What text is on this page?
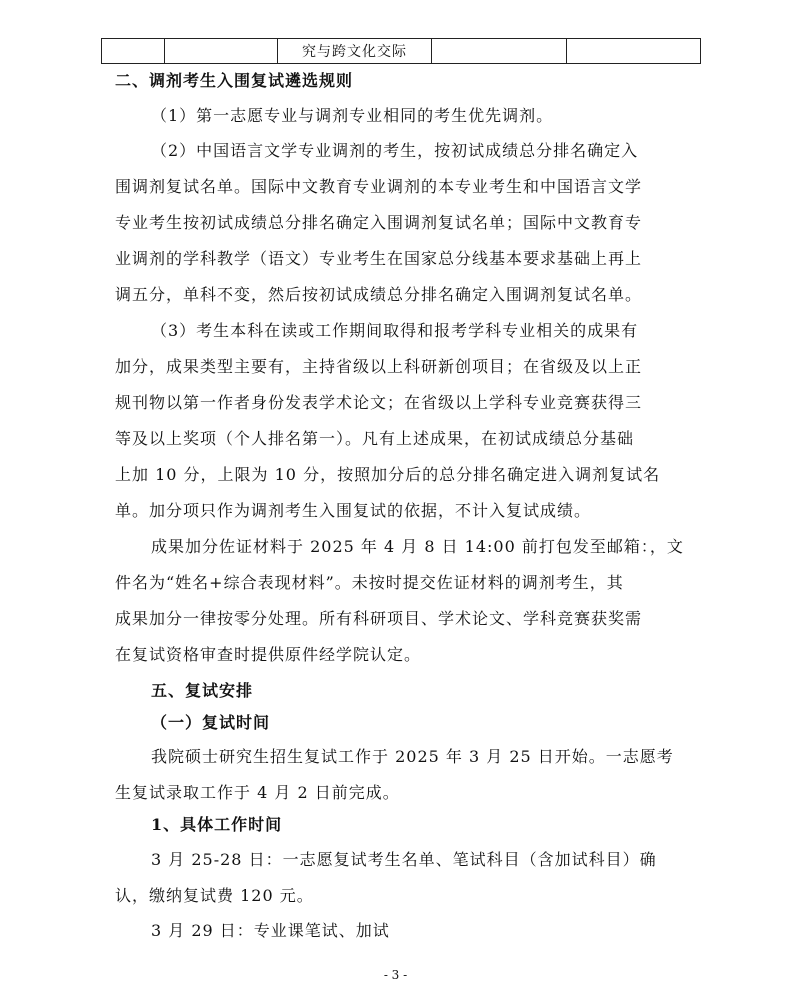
究与跨文化交际
二、调剂考生入围复试遴选规则
（1）第一志愿专业与调剂专业相同的考生优先调剂。
（2）中国语言文学专业调剂的考生，按初试成绩总分排名确定入
围调剂复试名单。国际中文教育专业调剂的本专业考生和中国语言文学
专业考生按初试成绩总分排名确定入围调剂复试名单；国际中文教育专
业调剂的学科教学（语文）专业考生在国家总分线基本要求基础上再上
调五分，单科不变，然后按初试成绩总分排名确定入围调剂复试名单。
（3）考生本科在读或工作期间取得和报考学科专业相关的成果有
加分，成果类型主要有，主持省级以上科研新创项目；在省级及以上正
规刊物以第一作者身份发表学术论文；在省级以上学科专业竞赛获得三
等及以上奖项（个人排名第一）。凡有上述成果，在初试成绩总分基础
上加 10 分，上限为 10 分，按照加分后的总分排名确定进入调剂复试名
单。加分项只作为调剂考生入围复试的依据，不计入复试成绩。
成果加分佐证材料于 2025 年 4 月 8 日 14:00 前打包发至邮箱：，文
件名为“姓名+综合表现材料”。未按时提交佐证材料的调剂考生，其
成果加分一律按零分处理。所有科研项目、学术论文、学科竞赛获奖需
在复试资格审查时提供原件经学院认定。
五、复试安排
（一）复试时间
我院硕士研究生招生复试工作于 2025 年 3 月 25 日开始。一志愿考
生复试录取工作于 4 月 2 日前完成。
1、具体工作时间
3 月 25-28 日：一志愿复试考生名单、笔试科目（含加试科目）确
认，缴纳复试费 120 元。
3 月 29 日：专业课笔试、加试
- 3 -
